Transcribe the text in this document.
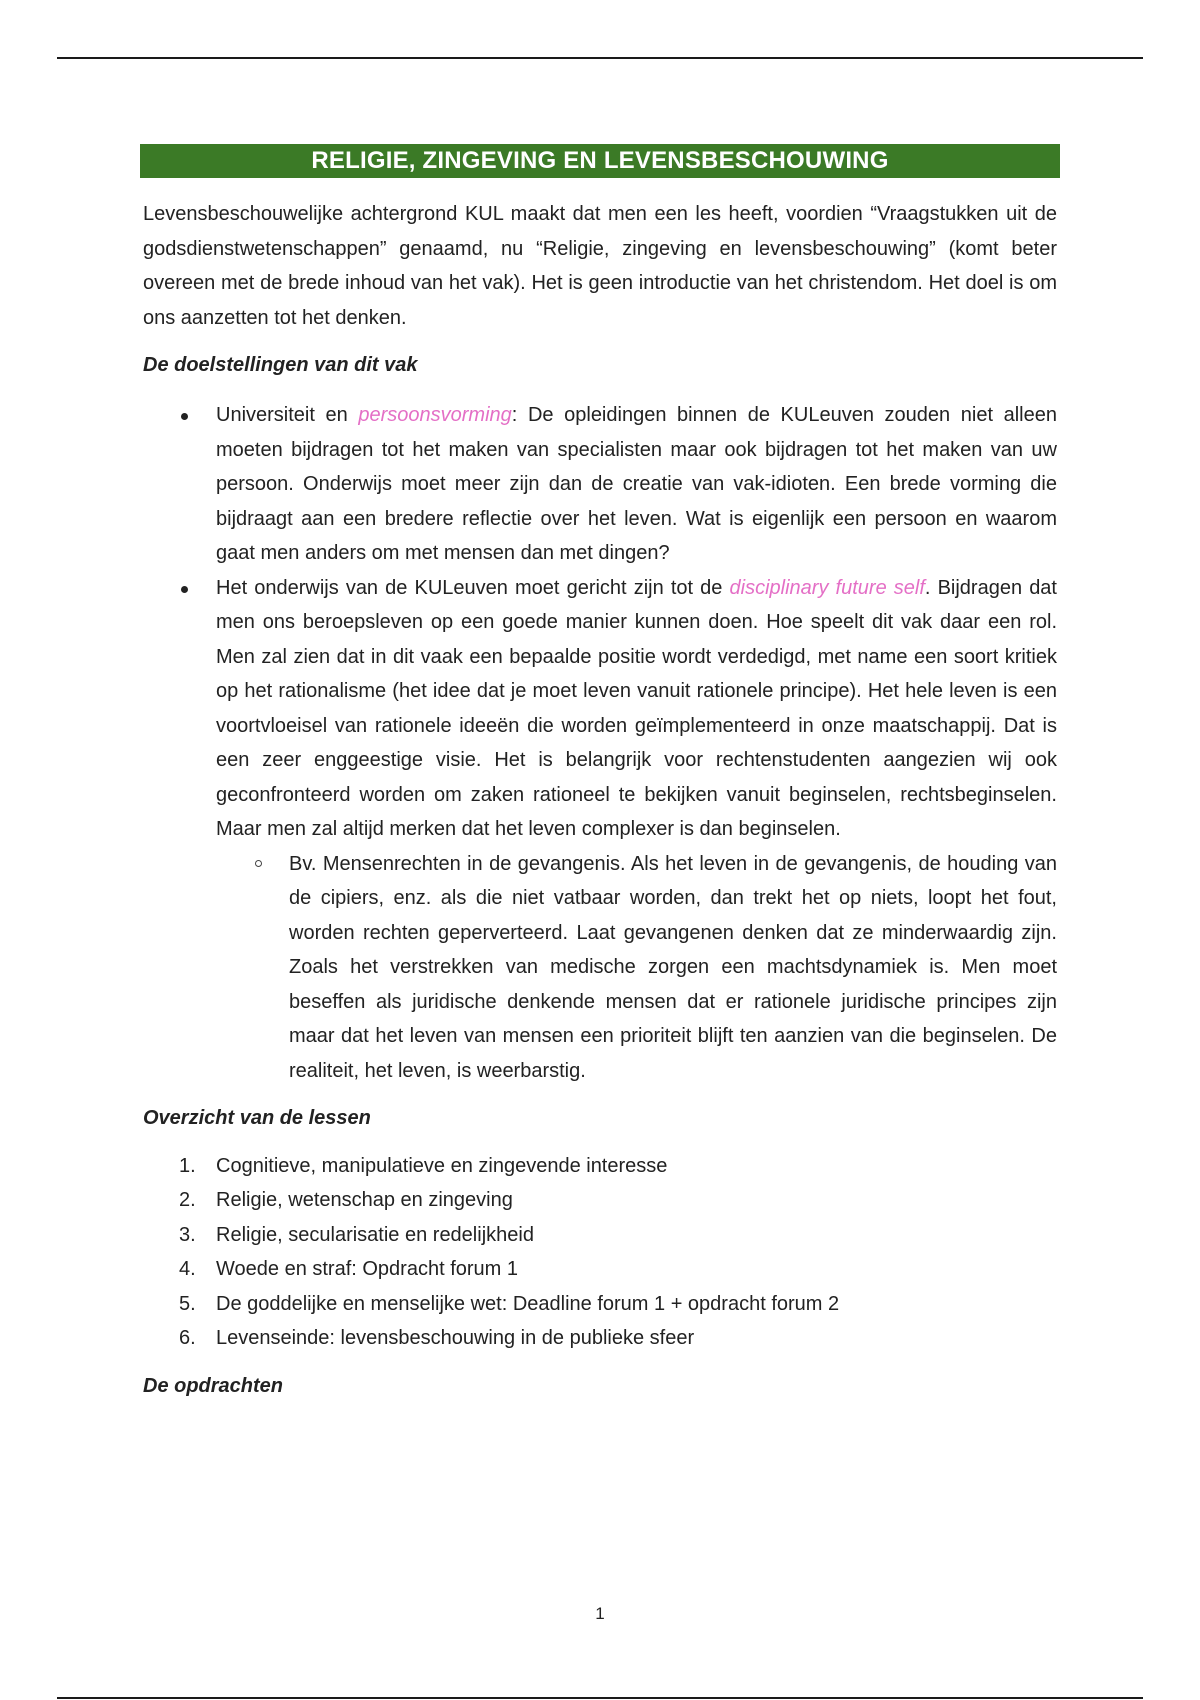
RELIGIE, ZINGEVING EN LEVENSBESCHOUWING

Levensbeschouwelijke achtergrond KUL maakt dat men een les heeft, voordien “Vraagstukken uit de godsdienstwetenschappen” genaamd, nu “Religie, zingeving en levensbeschouwing” (komt beter overeen met de brede inhoud van het vak). Het is geen introductie van het christendom. Het doel is om ons aanzetten tot het denken.

De doelstellingen van dit vak

Universiteit en persoonsvorming: De opleidingen binnen de KULeuven zouden niet alleen moeten bijdragen tot het maken van specialisten maar ook bijdragen tot het maken van uw persoon. Onderwijs moet meer zijn dan de creatie van vak-idioten. Een brede vorming die bijdraagt aan een bredere reflectie over het leven. Wat is eigenlijk een persoon en waarom gaat men anders om met mensen dan met dingen?
Het onderwijs van de KULeuven moet gericht zijn tot de disciplinary future self. Bijdragen dat men ons beroepsleven op een goede manier kunnen doen. Hoe speelt dit vak daar een rol. Men zal zien dat in dit vaak een bepaalde positie wordt verdedigd, met name een soort kritiek op het rationalisme (het idee dat je moet leven vanuit rationele principe). Het hele leven is een voortvloeisel van rationele ideeën die worden geïmplementeerd in onze maatschappij. Dat is een zeer enggeestige visie. Het is belangrijk voor rechtenstudenten aangezien wij ook geconfronteerd worden om zaken rationeel te bekijken vanuit beginselen, rechtsbeginselen. Maar men zal altijd merken dat het leven complexer is dan beginselen.
Bv. Mensenrechten in de gevangenis. Als het leven in de gevangenis, de houding van de cipiers, enz. als die niet vatbaar worden, dan trekt het op niets, loopt het fout, worden rechten geperverteerd. Laat gevangenen denken dat ze minderwaardig zijn. Zoals het verstrekken van medische zorgen een machtsdynamiek is. Men moet beseffen als juridische denkende mensen dat er rationele juridische principes zijn maar dat het leven van mensen een prioriteit blijft ten aanzien van die beginselen. De realiteit, het leven, is weerbarstig.

Overzicht van de lessen

1. Cognitieve, manipulatieve en zingevende interesse
2. Religie, wetenschap en zingeving
3. Religie, secularisatie en redelijkheid
4. Woede en straf: Opdracht forum 1
5. De goddelijke en menselijke wet: Deadline forum 1 + opdracht forum 2
6. Levenseinde: levensbeschouwing in de publieke sfeer

De opdrachten

1
